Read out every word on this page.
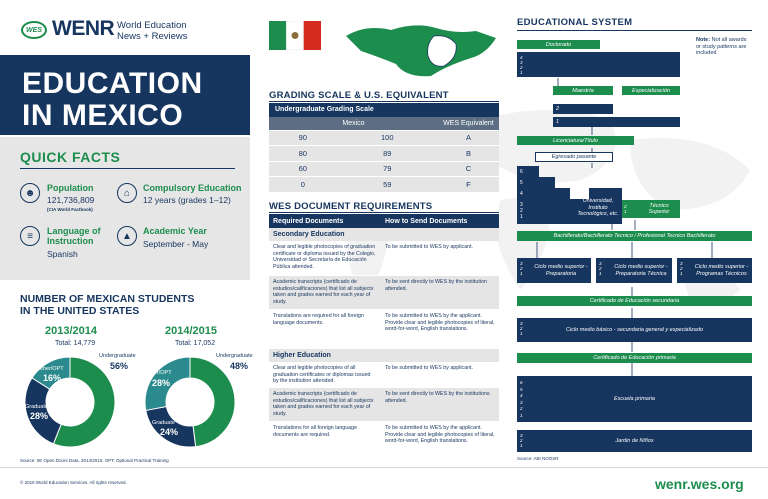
WES WENR World Education
News + Reviews
EDUCATION
IN MEXICO
QUICK FACTS
☻	Population
121,736,809
(CIA World Factbook)
⌂	Compulsory Education
12 years (grades 1–12)
≡	Language of
Instruction
Spanish
▲	Academic Year
September - May
NUMBER OF MEXICAN STUDENTS
IN THE UNITED STATES
2013/2014
Total: 14,779
2014/2015
Total: 17,052
Undergraduate
56%
Other/OPT
16%
Graduate
28%
Undergraduate
48%
Other/OPT
28%
Graduate
24%
Source: IIE Open Doors Data, 2014/2015. OPT: Optional Practical Training
GRADING SCALE & U.S. EQUIVALENT
Undergraduate Grading Scale
Mexico		WES Equivalent
90	100	A
80	89	B
60	79	C
0	59	F
WES DOCUMENT REQUIREMENTS
Required Documents	How to Send Documents
Secondary Education
Clear and legible photocopies of graduation certificate or diploma issued by the Colegio, Universidad or Secretaría de Educación Pública attended.
To be submitted to WES by applicant.
Academic transcripts (certificado de estudios/calificaciones) that list all subjects taken and grades earned for each year of study.
To be sent directly to WES by the institution attended.
Translations are required for all foreign language documents.
To be submitted to WES by the applicant. Provide clear and legible photocopies of literal, word-for-word, English translations.
Higher Education
Clear and legible photocopies of all graduation certificates or diplomas issued by the institution attended.
To be submitted to WES by applicant.
Academic transcripts (certificado de estudios/calificaciones) that list all subjects taken and grades earned for each year of study.
To be sent directly to WES by the institutions attended.
Translations for all foreign language documents are required.
To be submitted to WES by the applicant. Provide clear and legible photocopies of literal, word-for-word, English translations.
EDUCATIONAL SYSTEM
Note: Not all awards or study patterns are included
Doctorado
4
3
2
1
Maestría	Especialización
2
1
Licenciatura/Título
Egresado pasante
6
5
4
3
2
1
Universidad, Instituto Tecnológico, etc.
2
1
Técnico Superior
Bachillerato/Bachillerato Tecnico / Profesional Tecnico Bachillerato
3
2
1
Ciclo medio superior - Preparatoria
3
2
1
Ciclo medio superior - Preparatoria Técnica
3
2
1
Ciclo medio superior - Programas Técnicos
Certificado de Educación secundaria
3
2
1
Ciclo medio básico - secundaria general y especializado
Certificado de Educación primaria
6
5
4
3
2
1
Escuela primaria
3
2
1
Jardin de Niños
Source: ABI NOOSR
© 2016 World Education Services. All rights reserved.	wenr.wes.org
